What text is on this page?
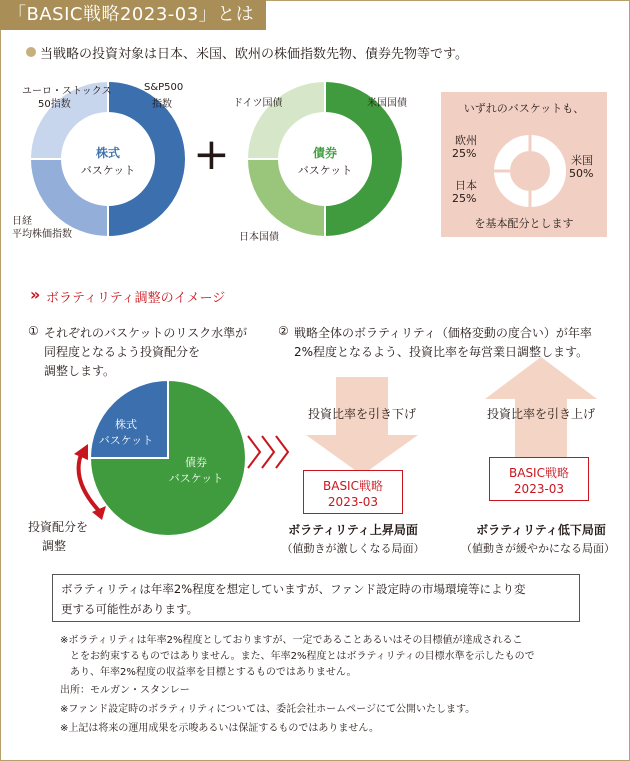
「BASIC戦略2023-03」とは
当戦略の投資対象は日本、米国、欧州の株価指数先物、債券先物等です。
株式
バスケット
ユーロ・ストックス
50指数
S&P500
指数
日経
平均株価指数
+	債券
バスケット
ドイツ国債	米国国債
日本国債
いずれのバスケットも、
欧州
25%
日本
25%
米国
50%
を基本配分とします
» ボラティリティ調整のイメージ
① それぞれのバスケットのリスク水準が
同程度となるよう投資配分を
調整します。
② 戦略全体のボラティリティ（価格変動の度合い）が年率
2%程度となるよう、投資比率を毎営業日調整します。
株式
バスケット
債券
バスケット
投資配分を
調整
投資比率を引き下げ	投資比率を引き上げ
BASIC戦略
2023-03
BASIC戦略
2023-03
ボラティリティ上昇局面
（値動きが激しくなる局面）
ボラティリティ低下局面
（値動きが緩やかになる局面）
ボラティリティは年率2%程度を想定していますが、ファンド設定時の市場環境等により変
更する可能性があります。
※ボラティリティは年率2%程度としておりますが、一定であることあるいはその目標値が達成されるこ
　とをお約束するものではありません。また、年率2%程度とはボラティリティの目標水準を示したもので
　あり、年率2%程度の収益率を目標とするものではありません。
出所：モルガン・スタンレー
※ファンド設定時のボラティリティについては、委託会社ホームページにて公開いたします。
※上記は将来の運用成果を示唆あるいは保証するものではありません。
